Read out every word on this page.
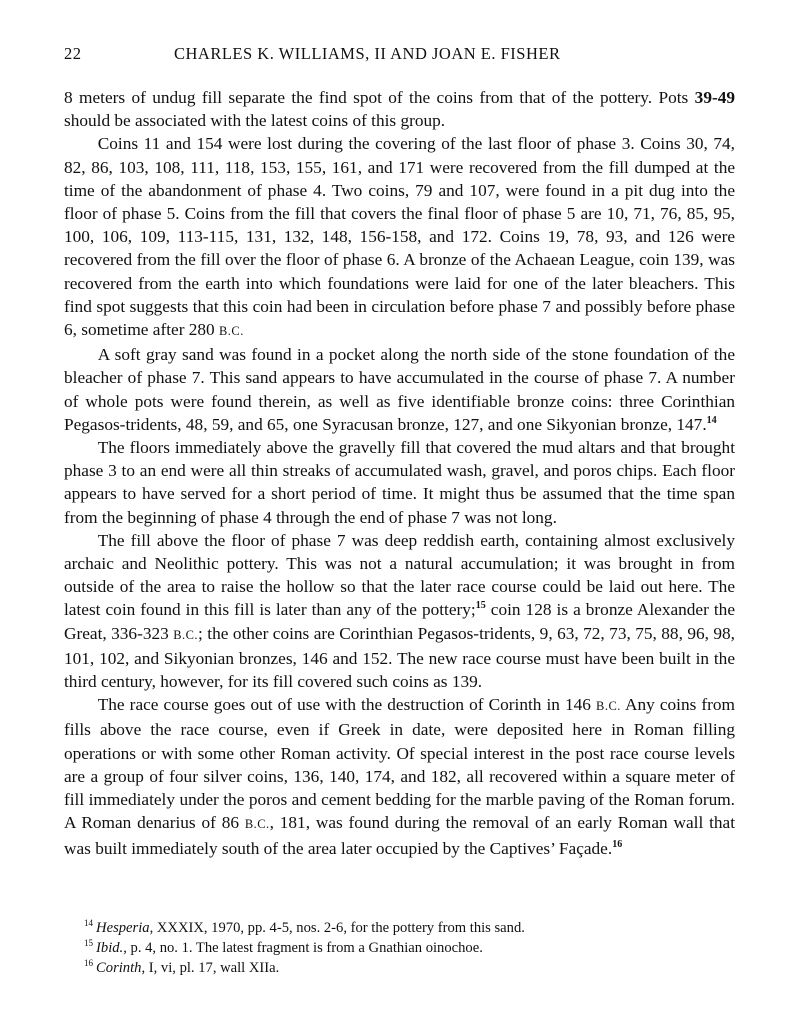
22	CHARLES K. WILLIAMS, II AND JOAN E. FISHER

8 meters of undug fill separate the find spot of the coins from that of the pottery. Pots 39-49 should be associated with the latest coins of this group.

Coins 11 and 154 were lost during the covering of the last floor of phase 3. Coins 30, 74, 82, 86, 103, 108, 111, 118, 153, 155, 161, and 171 were recovered from the fill dumped at the time of the abandonment of phase 4. Two coins, 79 and 107, were found in a pit dug into the floor of phase 5. Coins from the fill that covers the final floor of phase 5 are 10, 71, 76, 85, 95, 100, 106, 109, 113-115, 131, 132, 148, 156-158, and 172. Coins 19, 78, 93, and 126 were recovered from the fill over the floor of phase 6. A bronze of the Achaean League, coin 139, was recovered from the earth into which foundations were laid for one of the later bleachers. This find spot suggests that this coin had been in circulation before phase 7 and possibly before phase 6, sometime after 280 B.C.

A soft gray sand was found in a pocket along the north side of the stone foundation of the bleacher of phase 7. This sand appears to have accumulated in the course of phase 7. A number of whole pots were found therein, as well as five identifiable bronze coins: three Corinthian Pegasos-tridents, 48, 59, and 65, one Syracusan bronze, 127, and one Sikyonian bronze, 147.14

The floors immediately above the gravelly fill that covered the mud altars and that brought phase 3 to an end were all thin streaks of accumulated wash, gravel, and poros chips. Each floor appears to have served for a short period of time. It might thus be assumed that the time span from the beginning of phase 4 through the end of phase 7 was not long.

The fill above the floor of phase 7 was deep reddish earth, containing almost exclusively archaic and Neolithic pottery. This was not a natural accumulation; it was brought in from outside of the area to raise the hollow so that the later race course could be laid out here. The latest coin found in this fill is later than any of the pottery;$^{15}$ coin 128 is a bronze Alexander the Great, 336-323 B.C.; the other coins are Corinthian Pegasos-tridents, 9, 63, 72, 73, 75, 88, 96, 98, 101, 102, and Sikyonian bronzes, 146 and 152. The new race course must have been built in the third century, however, for its fill covered such coins as 139.

The race course goes out of use with the destruction of Corinth in 146 B.C. Any coins from fills above the race course, even if Greek in date, were deposited here in Roman filling operations or with some other Roman activity. Of special interest in the post race course levels are a group of four silver coins, 136, 140, 174, and 182, all recovered within a square meter of fill immediately under the poros and cement bedding for the marble paving of the Roman forum. A Roman denarius of 86 B.C., 181, was found during the removal of an early Roman wall that was built immediately south of the area later occupied by the Captives’ Façade.$^{16}$

$^{14}$ Hesperia, XXXIX, 1970, pp. 4-5, nos. 2-6, for the pottery from this sand.

$^{15}$ Ibid., p. 4, no. 1. The latest fragment is from a Gnathian oinochoe.

$^{16}$ Corinth, I, vi, pl. 17, wall XIIa.
